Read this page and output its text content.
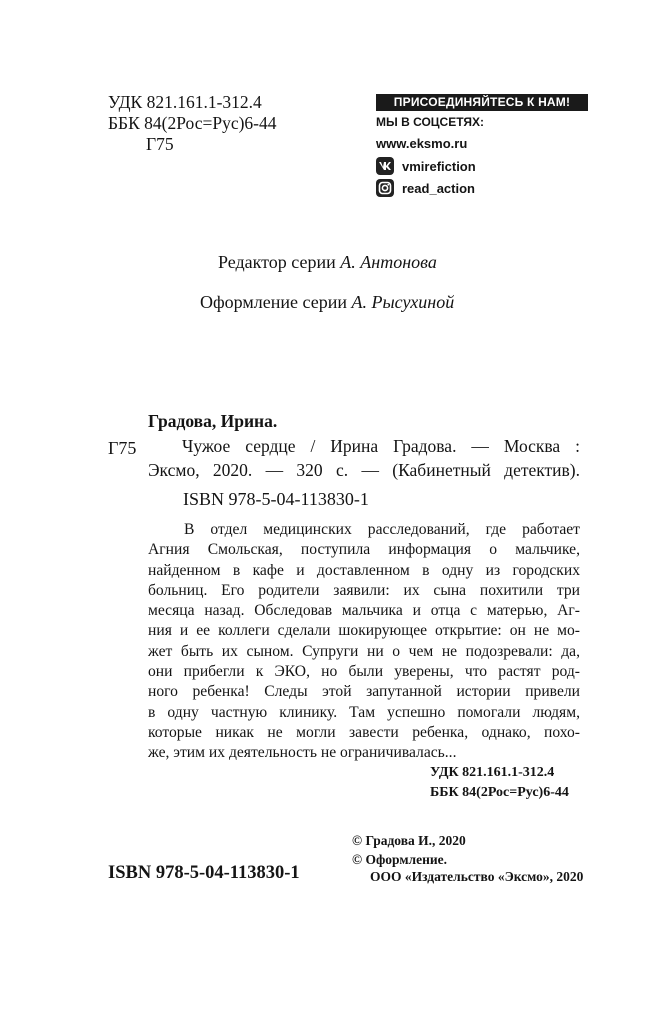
УДК 821.161.1-312.4
ББК 84(2Рос=Рус)6-44
Г75
ПРИСОЕДИНЯЙТЕСЬ К НАМ!
МЫ В СОЦСЕТЯХ:
www.eksmo.ru
vmirefiction
read_action
Редактор серии А. Антонова
Оформление серии А. Рысухиной
Градова, Ирина.
Г75	Чужое сердце / Ирина Градова. — Москва :
Эксмо, 2020. — 320 с. — (Кабинетный детектив).
ISBN 978-5-04-113830-1
В отдел медицинских расследований, где работает
Агния Смольская, поступила информация о мальчике,
найденном в кафе и доставленном в одну из городских
больниц. Его родители заявили: их сына похитили три
месяца назад. Обследовав мальчика и отца с матерью, Аг-
ния и ее коллеги сделали шокирующее открытие: он не мо-
жет быть их сыном. Супруги ни о чем не подозревали: да,
они прибегли к ЭКО, но были уверены, что растят род-
ного ребенка! Следы этой запутанной истории привели
в одну частную клинику. Там успешно помогали людям,
которые никак не могли завести ребенка, однако, похо-
же, этим их деятельность не ограничивалась...
УДК 821.161.1-312.4
ББК 84(2Рос=Рус)6-44
© Градова И., 2020
© Оформление.
ООО «Издательство «Эксмо», 2020
ISBN 978-5-04-113830-1
